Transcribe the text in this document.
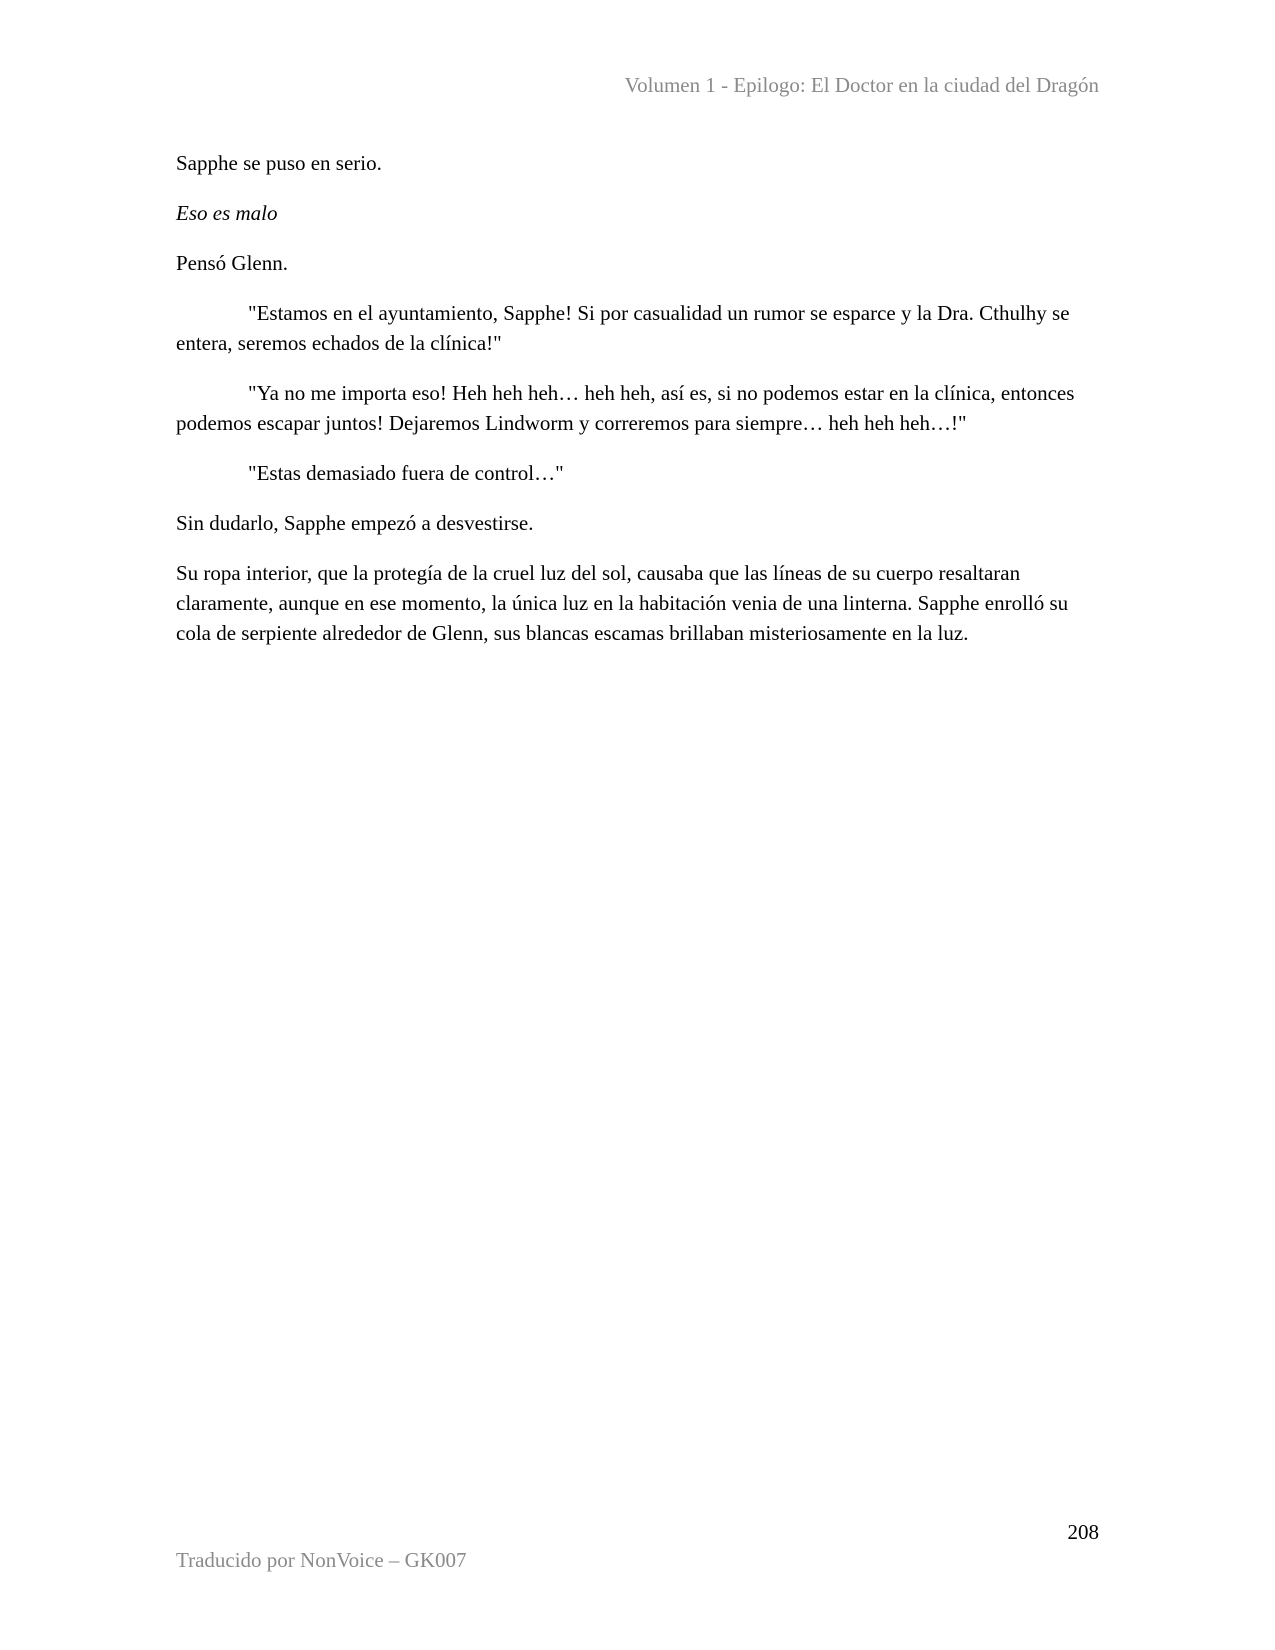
Volumen 1 - Epilogo: El Doctor en la ciudad del Dragón

Sapphe se puso en serio.

Eso es malo

Pensó Glenn.

"Estamos en el ayuntamiento, Sapphe! Si por casualidad un rumor se esparce y la Dra. Cthulhy se entera, seremos echados de la clínica!"

"Ya no me importa eso! Heh heh heh… heh heh, así es, si no podemos estar en la clínica, entonces podemos escapar juntos! Dejaremos Lindworm y correremos para siempre… heh heh heh…!"

"Estas demasiado fuera de control…"

Sin dudarlo, Sapphe empezó a desvestirse.

Su ropa interior, que la protegía de la cruel luz del sol, causaba que las líneas de su cuerpo resaltaran claramente, aunque en ese momento, la única luz en la habitación venia de una linterna. Sapphe enrolló su cola de serpiente alrededor de Glenn, sus blancas escamas brillaban misteriosamente en la luz.

208
Traducido por NonVoice – GK007
